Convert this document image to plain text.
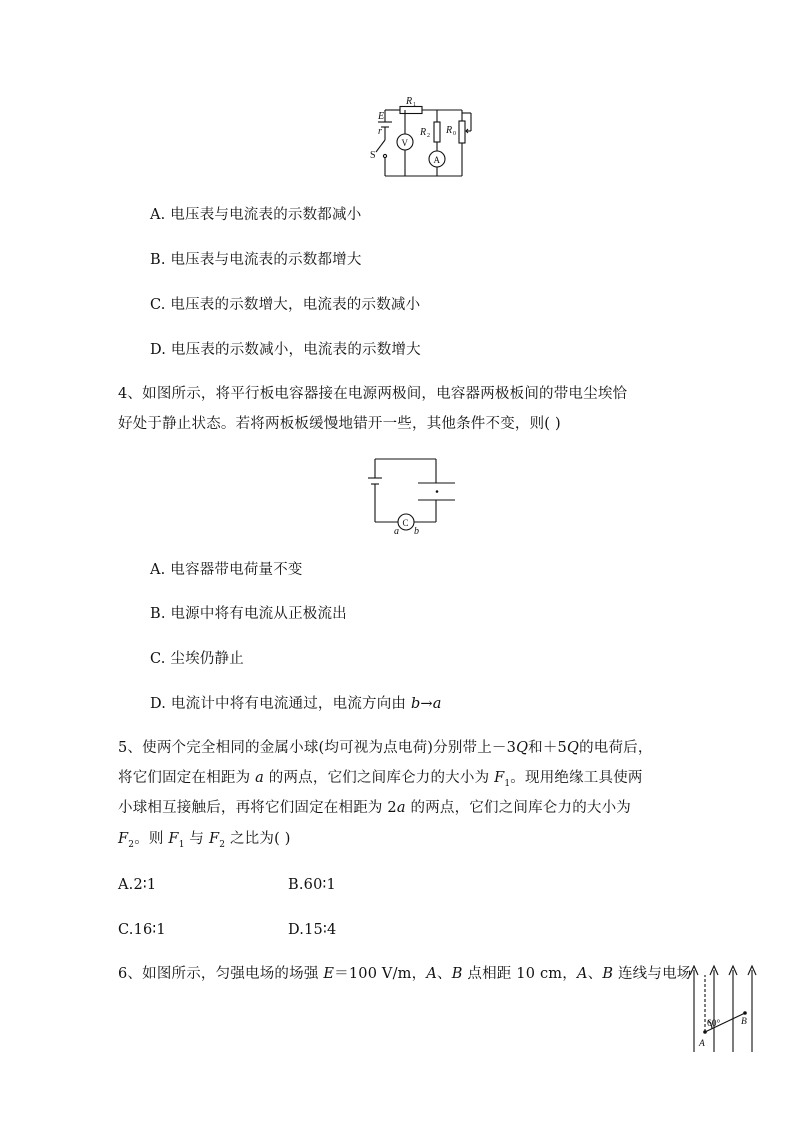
E
r
S
R 1
R 2 R 0
V
A
A. 电压表与电流表的示数都减小
B. 电压表与电流表的示数都增大
C. 电压表的示数增大，电流表的示数减小
D. 电压表的示数减小，电流表的示数增大
4、如图所示，将平行板电容器接在电源两极间，电容器两极板间的带电尘埃恰
好处于静止状态。若将两板板缓慢地错开一些，其他条件不变，则( )
C
a b
A. 电容器带电荷量不变
B. 电源中将有电流从正极流出
C. 尘埃仍静止
D. 电流计中将有电流通过，电流方向由 b→a
5、使两个完全相同的金属小球(均可视为点电荷)分别带上－3Q和＋5Q的电荷后，
将它们固定在相距为 a 的两点，它们之间库仑力的大小为 $F_1$。现用绝缘工具使两
小球相互接触后，再将它们固定在相距为 2a 的两点，它们之间库仑力的大小为
$F_2$。则 $F_1$ 与 $F_2$ 之比为( )
A.2∶1	B.60∶1
C.16∶1	D.15∶4
6、如图所示，匀强电场的场强 E＝100 V/m，A、B 点相距 10 cm，A、B 连线与电场
60°
A
B
